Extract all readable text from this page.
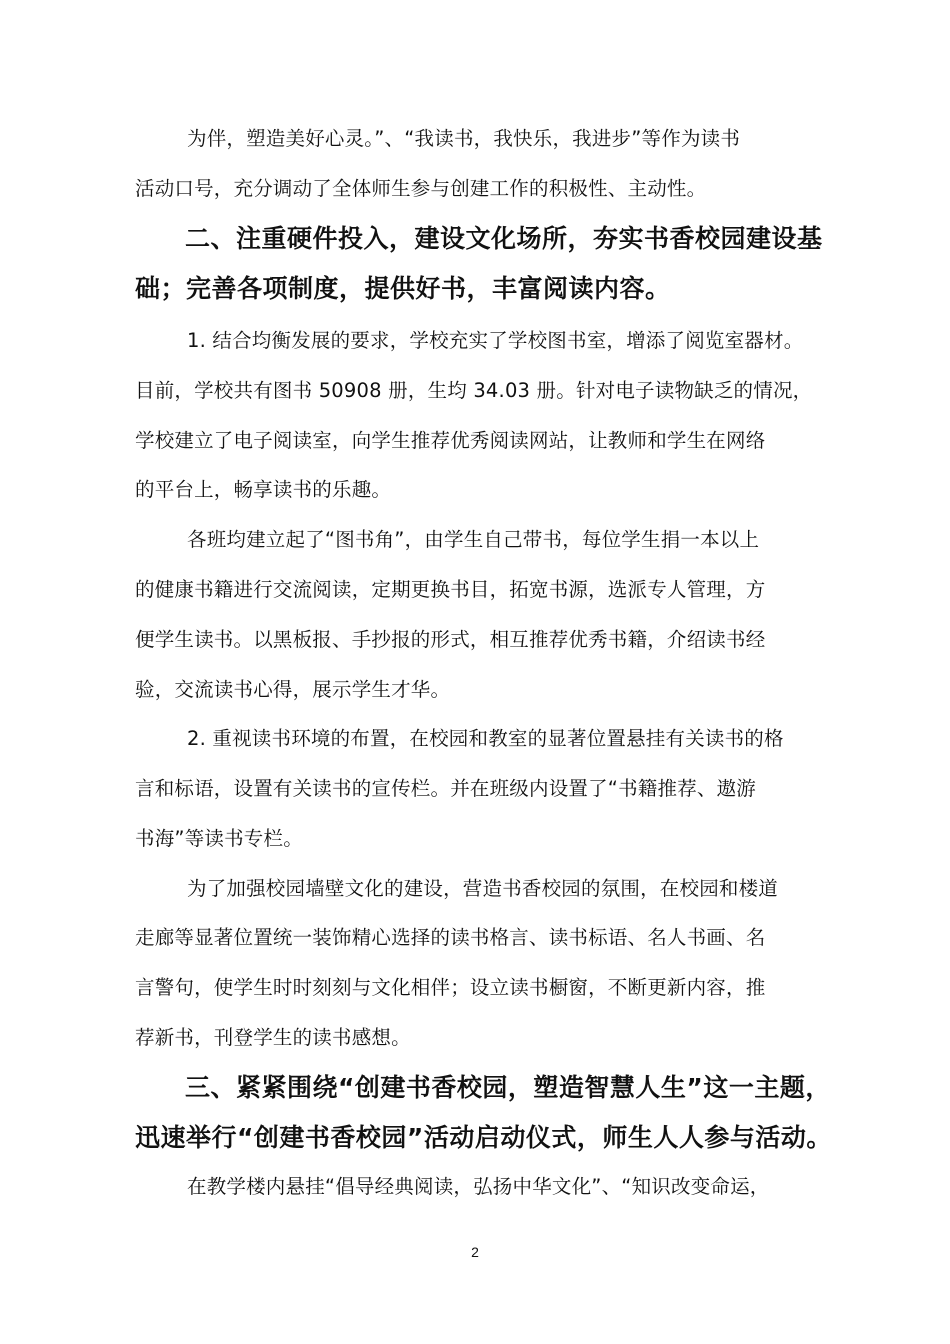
为伴，塑造美好心灵。”、“我读书，我快乐，我进步”等作为读书
活动口号，充分调动了全体师生参与创建工作的积极性、主动性。
二、注重硬件投入，建设文化场所，夯实书香校园建设基
础；完善各项制度，提供好书，丰富阅读内容。
1. 结合均衡发展的要求，学校充实了学校图书室，增添了阅览室器材。
目前，学校共有图书 50908 册，生均 34.03 册。针对电子读物缺乏的情况，
学校建立了电子阅读室，向学生推荐优秀阅读网站，让教师和学生在网络
的平台上，畅享读书的乐趣。
各班均建立起了“图书角”，由学生自己带书，每位学生捐一本以上
的健康书籍进行交流阅读，定期更换书目，拓宽书源，选派专人管理，方
便学生读书。以黑板报、手抄报的形式，相互推荐优秀书籍，介绍读书经
验，交流读书心得，展示学生才华。
2. 重视读书环境的布置，在校园和教室的显著位置悬挂有关读书的格
言和标语，设置有关读书的宣传栏。并在班级内设置了“书籍推荐、遨游
书海”等读书专栏。
为了加强校园墙壁文化的建设，营造书香校园的氛围，在校园和楼道
走廊等显著位置统一装饰精心选择的读书格言、读书标语、名人书画、名
言警句，使学生时时刻刻与文化相伴；设立读书橱窗，不断更新内容，推
荐新书，刊登学生的读书感想。
三、紧紧围绕“创建书香校园，塑造智慧人生”这一主题，
迅速举行“创建书香校园”活动启动仪式，师生人人参与活动。
在教学楼内悬挂“倡导经典阅读，弘扬中华文化”、“知识改变命运，
2
